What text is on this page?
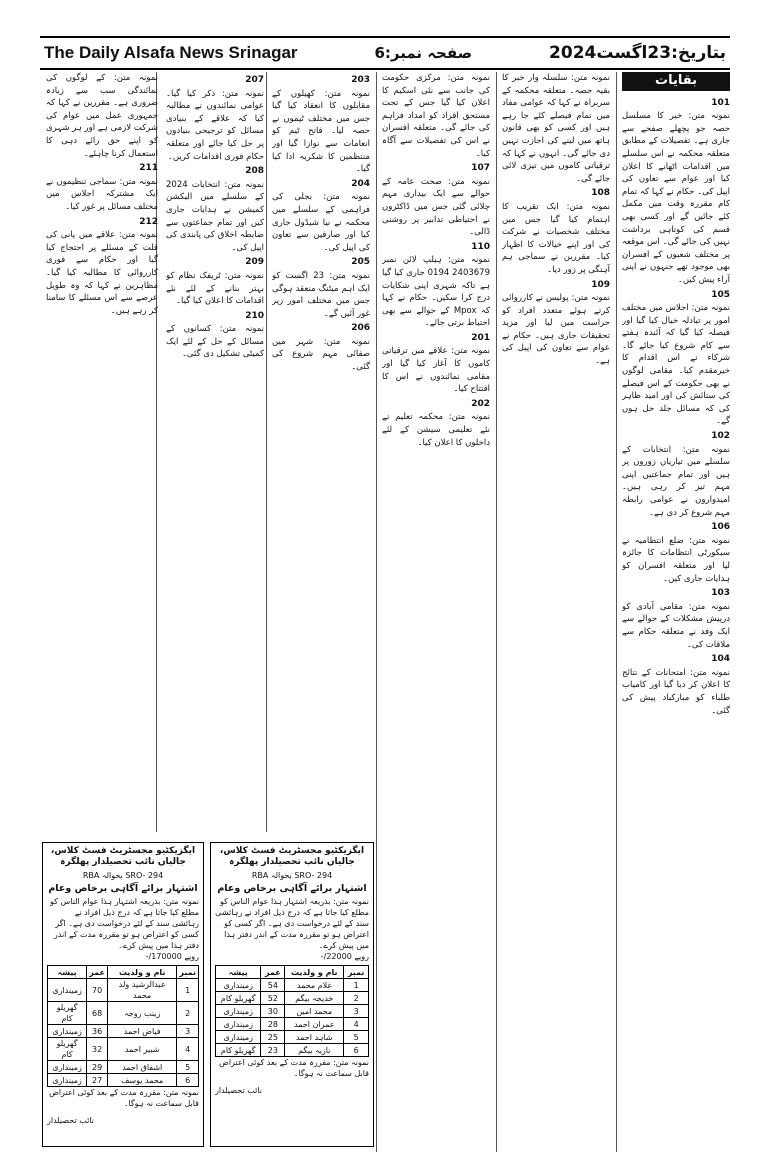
The Daily Alsafa News Srinagar	صفحہ نمبر:6	بتاریخ:23اگست2024
بقایات
101

نمونہ متن: خبر کا مسلسل حصہ جو پچھلے صفحے سے جاری ہے۔ تفصیلات کے مطابق متعلقہ محکمہ نے اس سلسلے میں اقدامات اٹھانے کا اعلان کیا اور عوام سے تعاون کی اپیل کی۔ حکام نے کہا کہ تمام کام مقررہ وقت میں مکمل کئے جائیں گے اور کسی بھی قسم کی کوتاہی برداشت نہیں کی جائے گی۔ اس موقعہ پر مختلف شعبوں کے افسران بھی موجود تھے جنہوں نے اپنی آراء پیش کیں۔

105

نمونہ متن: اجلاس میں مختلف امور پر تبادلہ خیال کیا گیا اور فیصلہ کیا گیا کہ آئندہ ہفتے سے کام شروع کیا جائے گا۔ شرکاء نے اس اقدام کا خیرمقدم کیا۔ مقامی لوگوں نے بھی حکومت کے اس فیصلے کی ستائش کی اور امید ظاہر کی کہ مسائل جلد حل ہوں گے۔

102

نمونہ متن: انتخابات کے سلسلے میں تیاریاں زوروں پر ہیں اور تمام جماعتیں اپنی مہم تیز کر رہی ہیں۔ امیدواروں نے عوامی رابطہ مہم شروع کر دی ہے۔

106

نمونہ متن: ضلع انتظامیہ نے سیکورٹی انتظامات کا جائزہ لیا اور متعلقہ افسران کو ہدایات جاری کیں۔

103

نمونہ متن: مقامی آبادی کو درپیش مشکلات کے حوالے سے ایک وفد نے متعلقہ حکام سے ملاقات کی۔

104

نمونہ متن: امتحانات کے نتائج کا اعلان کر دیا گیا اور کامیاب طلباء کو مبارکباد پیش کی گئی۔

نمونہ متن: سلسلہ وار خبر کا بقیہ حصہ۔ متعلقہ محکمہ کے سربراہ نے کہا کہ عوامی مفاد میں تمام فیصلے کئے جا رہے ہیں اور کسی کو بھی قانون ہاتھ میں لینے کی اجازت نہیں دی جائے گی۔ انہوں نے کہا کہ ترقیاتی کاموں میں تیزی لائی جائے گی۔

108

نمونہ متن: ایک تقریب کا اہتمام کیا گیا جس میں مختلف شخصیات نے شرکت کی اور اپنے خیالات کا اظہار کیا۔ مقررین نے سماجی ہم آہنگی پر زور دیا۔

109

نمونہ متن: پولیس نے کارروائی کرتے ہوئے متعدد افراد کو حراست میں لیا اور مزید تحقیقات جاری ہیں۔ حکام نے عوام سے تعاون کی اپیل کی ہے۔

نمونہ متن: مرکزی حکومت کی جانب سے نئی اسکیم کا اعلان کیا گیا جس کے تحت مستحق افراد کو امداد فراہم کی جائے گی۔ متعلقہ افسران نے اس کی تفصیلات سے آگاہ کیا۔

107

نمونہ متن: صحت عامہ کے حوالے سے ایک بیداری مہم چلائی گئی جس میں ڈاکٹروں نے احتیاطی تدابیر پر روشنی ڈالی۔

110

نمونہ متن: ہیلپ لائن نمبر 2403679 0194 جاری کیا گیا ہے تاکہ شہری اپنی شکایات درج کرا سکیں۔ حکام نے کہا کہ Mpox کے حوالے سے بھی احتیاط برتی جائے۔

201

نمونہ متن: علاقے میں ترقیاتی کاموں کا آغاز کیا گیا اور مقامی نمائندوں نے اس کا افتتاح کیا۔

202

نمونہ متن: محکمہ تعلیم نے نئے تعلیمی سیشن کے لئے داخلوں کا اعلان کیا۔

203

نمونہ متن: کھیلوں کے مقابلوں کا انعقاد کیا گیا جس میں مختلف ٹیموں نے حصہ لیا۔ فاتح ٹیم کو انعامات سے نوازا گیا اور منتظمین کا شکریہ ادا کیا گیا۔

204

نمونہ متن: بجلی کی فراہمی کے سلسلے میں محکمہ نے نیا شیڈول جاری کیا اور صارفین سے تعاون کی اپیل کی۔

205

نمونہ متن: 23 اگست کو ایک اہم میٹنگ منعقد ہوگی جس میں مختلف امور زیر غور آئیں گے۔

206

نمونہ متن: شہر میں صفائی مہم شروع کی گئی۔

207

نمونہ متن: ذکر کیا گیا۔ عوامی نمائندوں نے مطالبہ کیا کہ علاقے کے بنیادی مسائل کو ترجیحی بنیادوں پر حل کیا جائے اور متعلقہ حکام فوری اقدامات کریں۔

208

نمونہ متن: انتخابات 2024 کے سلسلے میں الیکشن کمیشن نے ہدایات جاری کیں اور تمام جماعتوں سے ضابطہ اخلاق کی پابندی کی اپیل کی۔

209

نمونہ متن: ٹریفک نظام کو بہتر بنانے کے لئے نئے اقدامات کا اعلان کیا گیا۔

210

نمونہ متن: کسانوں کے مسائل کے حل کے لئے ایک کمیٹی تشکیل دی گئی۔

نمونہ متن: کے لوگوں کی نمائندگی سب سے زیادہ ضروری ہے۔ مقررین نے کہا کہ جمہوری عمل میں عوام کی شرکت لازمی ہے اور ہر شہری کو اپنے حق رائے دہی کا استعمال کرنا چاہئے۔

211

نمونہ متن: سماجی تنظیموں نے ایک مشترکہ اجلاس میں مختلف مسائل پر غور کیا۔

212

نمونہ متن: علاقے میں پانی کی قلت کے مسئلے پر احتجاج کیا گیا اور حکام سے فوری کارروائی کا مطالبہ کیا گیا۔ مظاہرین نے کہا کہ وہ طویل عرصے سے اس مسئلے کا سامنا کر رہے ہیں۔

ایگزیکٹیو مجسٹریٹ فسٹ کلاس، جالیاں نائب تحصیلدار پھلگرہ
SRO- 294 بحوالہ RBA
اشتہار برائے آگاہی برخاص وعام
نمونہ متن: بذریعہ اشتہار ہذا عوام الناس کو مطلع کیا جاتا ہے کہ درج ذیل افراد نے رہائشی سند کے لئے درخواست دی ہے۔ اگر کسی کو اعتراض ہو تو مقررہ مدت کے اندر دفتر ہذا میں پیش کرے۔
روپے 22000/-
نمبر	نام و ولدیت	عمر	پیشہ
1	غلام محمد	54	زمینداری
2	خدیجہ بیگم	52	گھریلو کام
3	محمد امین	30	زمینداری
4	عمران احمد	28	زمینداری
5	شاہد احمد	25	زمینداری
6	نازیہ بیگم	23	گھریلو کام
نمونہ متن: مقررہ مدت کے بعد کوئی اعتراض قابل سماعت نہ ہوگا۔
نائب تحصیلدار
ایگزیکٹیو مجسٹریٹ فسٹ کلاس، جالیاں نائب تحصیلدار پھلگرہ
SRO- 294 بحوالہ RBA
اشتہار برائے آگاہی برخاص وعام
نمونہ متن: بذریعہ اشتہار ہذا عوام الناس کو مطلع کیا جاتا ہے کہ درج ذیل افراد نے رہائشی سند کے لئے درخواست دی ہے۔ اگر کسی کو اعتراض ہو تو مقررہ مدت کے اندر دفتر ہذا میں پیش کرے۔
روپے 170000/-
نمبر	نام و ولدیت	عمر	پیشہ
1	عبدالرشید ولد محمد	70	زمینداری
2	زینب زوجہ	68	گھریلو کام
3	فیاض احمد	36	زمینداری
4	شبیر احمد	32	گھریلو کام
5	اشفاق احمد	29	زمینداری
6	محمد یوسف	27	زمینداری
نمونہ متن: مقررہ مدت کے بعد کوئی اعتراض قابل سماعت نہ ہوگا۔
نائب تحصیلدار
